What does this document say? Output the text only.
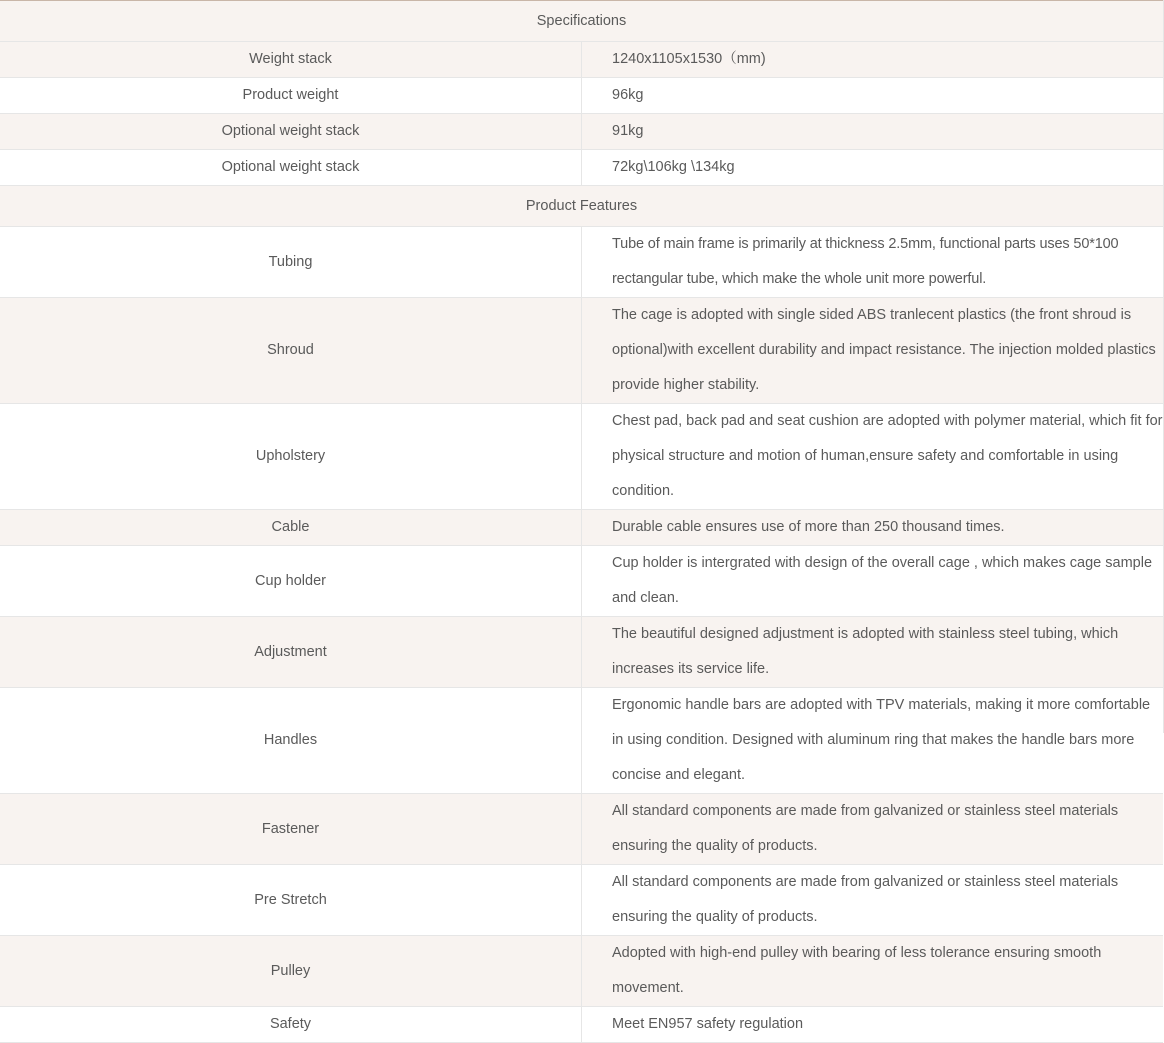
Specifications	
Weight stack	1240x1105x1530（mm)
Product weight	96kg
Optional weight stack	91kg
Optional weight stack	72kg\106kg \134kg
Product Features	
Tubing	Tube of main frame is primarily at thickness 2.5mm, functional parts uses 50*100 rectangular tube, which make the whole unit more powerful.
Shroud	The cage is adopted with single sided ABS tranlecent plastics (the front shroud is optional)with excellent durability and impact resistance. The injection molded plastics provide higher stability.
Upholstery	Chest pad, back pad and seat cushion are adopted with polymer material, which fit for physical structure and motion of human,ensure safety and comfortable in using condition.
Cable	Durable cable ensures use of more than 250 thousand times.
Cup holder	Cup holder is intergrated with design of the overall cage , which makes cage sample and clean.
Adjustment	The beautiful designed adjustment is adopted with stainless steel tubing, which increases its service life.
Handles	Ergonomic handle bars are adopted with TPV materials, making it more comfortable in using condition. Designed with aluminum ring that makes the handle bars more concise and elegant.
Fastener	All standard components are made from galvanized or stainless steel materials ensuring the quality of products.
Pre Stretch	All standard components are made from galvanized or stainless steel materials ensuring the quality of products.
Pulley	Adopted with high-end pulley with bearing of less tolerance ensuring smooth movement.
Safety	Meet EN957 safety regulation
